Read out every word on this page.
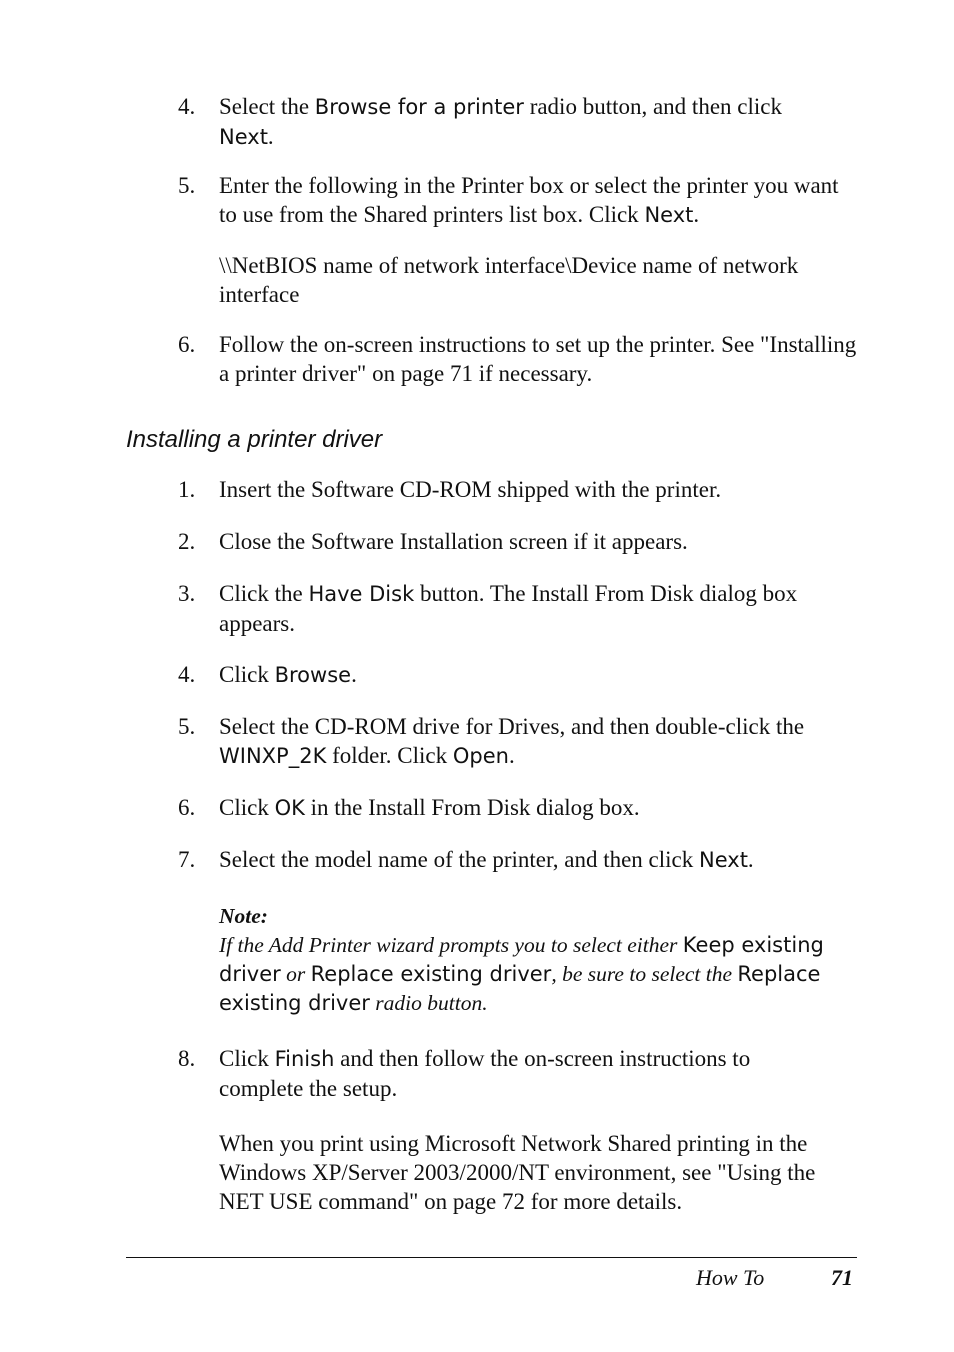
4.	Select the Browse for a printer radio button, and then click
Next.
5.	Enter the following in the Printer box or select the printer you want to use from the Shared printers list box. Click Next.
\\NetBIOS name of network interface\Device name of network interface
6.	Follow the on-screen instructions to set up the printer. See "Installing a printer driver" on page 71 if necessary.
Installing a printer driver
1.	Insert the Software CD-ROM shipped with the printer.
2.	Close the Software Installation screen if it appears.
3.	Click the Have Disk button. The Install From Disk dialog box appears.
4.	Click Browse.
5.	Select the CD-ROM drive for Drives, and then double-click the WINXP_2K folder. Click Open.
6.	Click OK in the Install From Disk dialog box.
7.	Select the model name of the printer, and then click Next.
Note:
If the Add Printer wizard prompts you to select either Keep existing driver or Replace existing driver, be sure to select the Replace existing driver radio button.
8.	Click Finish and then follow the on-screen instructions to complete the setup.
When you print using Microsoft Network Shared printing in the Windows XP/Server 2003/2000/NT environment, see "Using the NET USE command" on page 72 for more details.
How To	71
